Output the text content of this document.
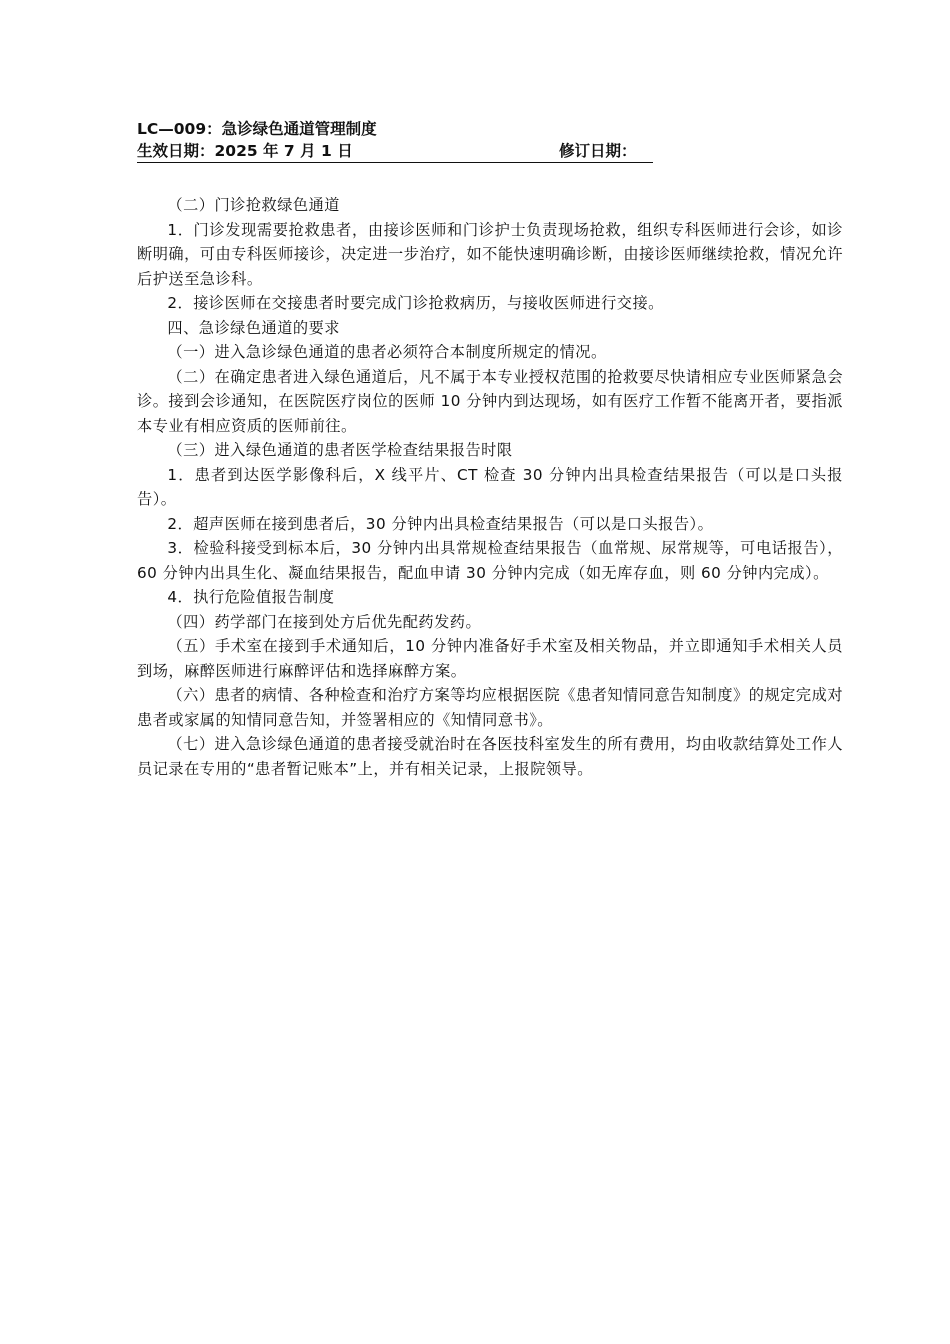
LC—009：急诊绿色通道管理制度
生效日期：2025 年 7 月 1 日	修订日期：

（二）门诊抢救绿色通道

1．门诊发现需要抢救患者，由接诊医师和门诊护士负责现场抢救，组织专科医师进行会诊，如诊断明确，可由专科医师接诊，决定进一步治疗，如不能快速明确诊断，由接诊医师继续抢救，情况允许后护送至急诊科。

2．接诊医师在交接患者时要完成门诊抢救病历，与接收医师进行交接。

四、急诊绿色通道的要求

（一）进入急诊绿色通道的患者必须符合本制度所规定的情况。

（二）在确定患者进入绿色通道后，凡不属于本专业授权范围的抢救要尽快请相应专业医师紧急会诊。接到会诊通知，在医院医疗岗位的医师 10 分钟内到达现场，如有医疗工作暂不能离开者，要指派本专业有相应资质的医师前往。

（三）进入绿色通道的患者医学检查结果报告时限

1．患者到达医学影像科后，X 线平片、CT 检查 30 分钟内出具检查结果报告（可以是口头报告）。

2．超声医师在接到患者后，30 分钟内出具检查结果报告（可以是口头报告）。

3．检验科接受到标本后，30 分钟内出具常规检查结果报告（血常规、尿常规等，可电话报告），60 分钟内出具生化、凝血结果报告，配血申请 30 分钟内完成（如无库存血，则 60 分钟内完成）。

4．执行危险值报告制度

（四）药学部门在接到处方后优先配药发药。

（五）手术室在接到手术通知后，10 分钟内准备好手术室及相关物品，并立即通知手术相关人员到场，麻醉医师进行麻醉评估和选择麻醉方案。

（六）患者的病情、各种检查和治疗方案等均应根据医院《患者知情同意告知制度》的规定完成对患者或家属的知情同意告知，并签署相应的《知情同意书》。

（七）进入急诊绿色通道的患者接受就治时在各医技科室发生的所有费用，均由收款结算处工作人员记录在专用的“患者暂记账本”上，并有相关记录，上报院领导。
